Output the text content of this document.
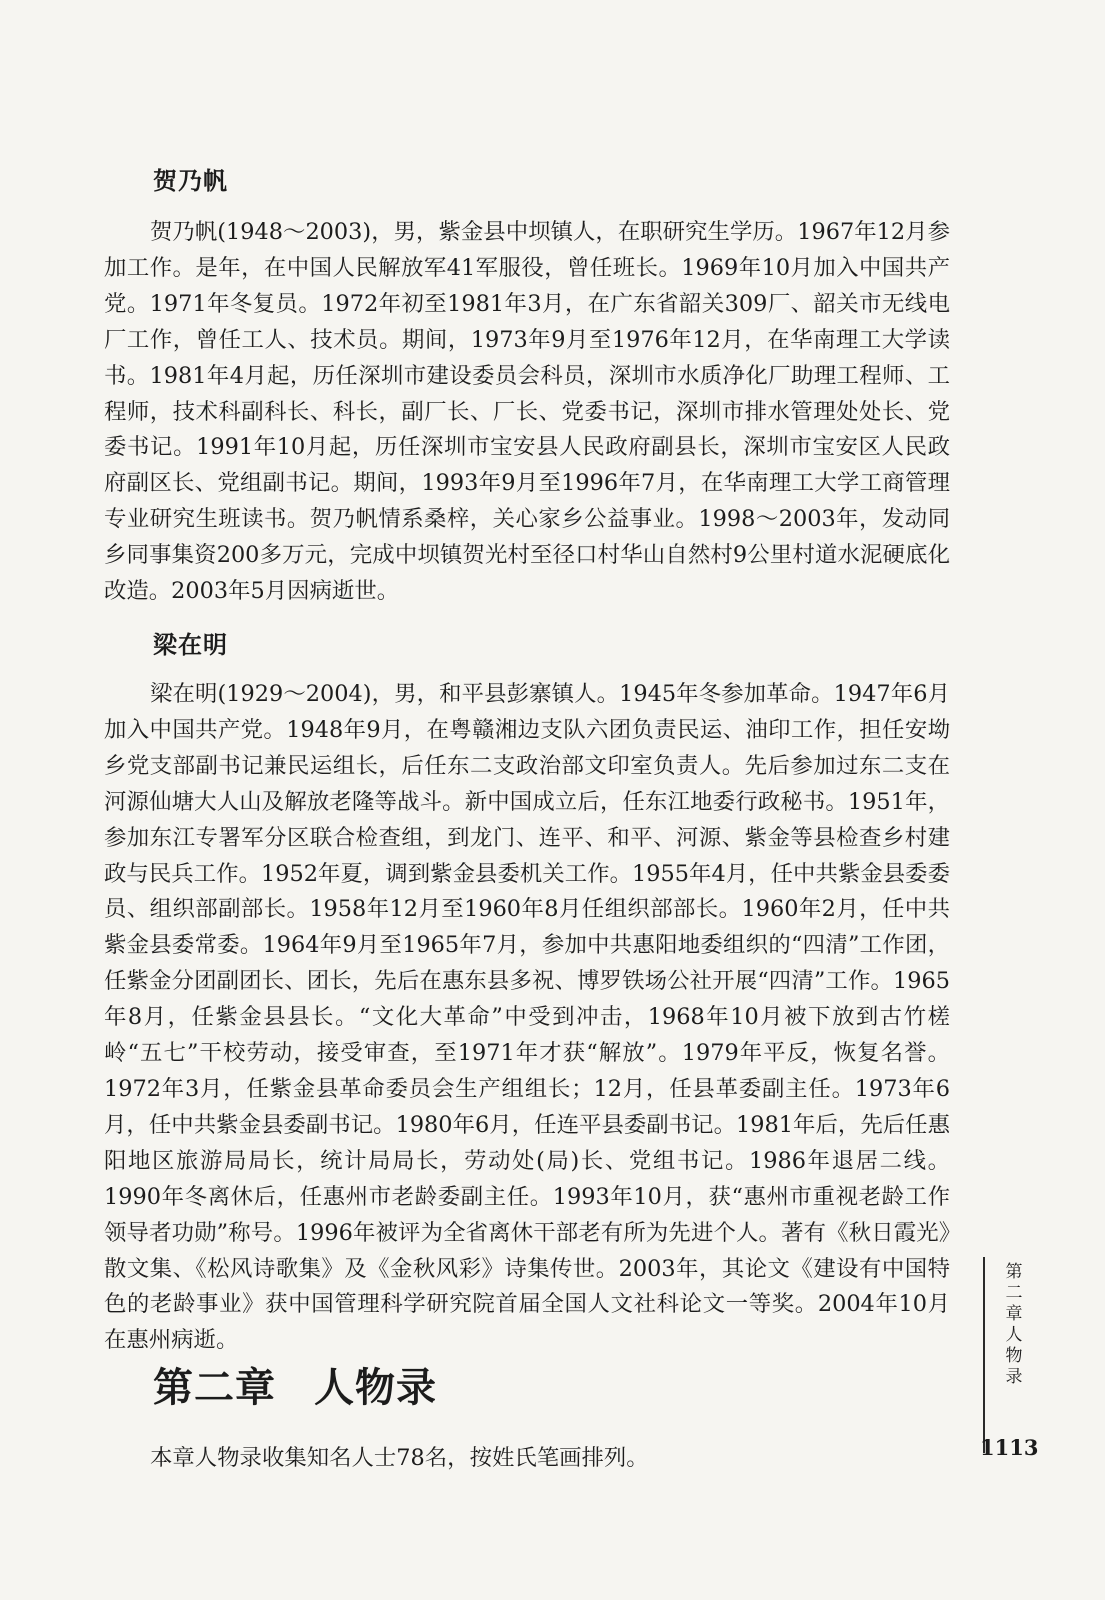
贺乃帆

贺乃帆(1948～2003)，男，紫金县中坝镇人，在职研究生学历。1967年12月参加工作。是年，在中国人民解放军41军服役，曾任班长。1969年10月加入中国共产党。1971年冬复员。1972年初至1981年3月，在广东省韶关309厂、韶关市无线电厂工作，曾任工人、技术员。期间，1973年9月至1976年12月，在华南理工大学读书。1981年4月起，历任深圳市建设委员会科员，深圳市水质净化厂助理工程师、工程师，技术科副科长、科长，副厂长、厂长、党委书记，深圳市排水管理处处长、党委书记。1991年10月起，历任深圳市宝安县人民政府副县长，深圳市宝安区人民政府副区长、党组副书记。期间，1993年9月至1996年7月，在华南理工大学工商管理专业研究生班读书。贺乃帆情系桑梓，关心家乡公益事业。1998～2003年，发动同乡同事集资200多万元，完成中坝镇贺光村至径口村华山自然村9公里村道水泥硬底化改造。2003年5月因病逝世。

梁在明

梁在明(1929～2004)，男，和平县彭寨镇人。1945年冬参加革命。1947年6月加入中国共产党。1948年9月，在粤赣湘边支队六团负责民运、油印工作，担任安坳乡党支部副书记兼民运组长，后任东二支政治部文印室负责人。先后参加过东二支在河源仙塘大人山及解放老隆等战斗。新中国成立后，任东江地委行政秘书。1951年，参加东江专署军分区联合检查组，到龙门、连平、和平、河源、紫金等县检查乡村建政与民兵工作。1952年夏，调到紫金县委机关工作。1955年4月，任中共紫金县委委员、组织部副部长。1958年12月至1960年8月任组织部部长。1960年2月，任中共紫金县委常委。1964年9月至1965年7月，参加中共惠阳地委组织的“四清”工作团，任紫金分团副团长、团长，先后在惠东县多祝、博罗铁场公社开展“四清”工作。1965年8月，任紫金县县长。“文化大革命”中受到冲击，1968年10月被下放到古竹槎岭“五七”干校劳动，接受审查，至1971年才获“解放”。1979年平反，恢复名誉。1972年3月，任紫金县革命委员会生产组组长；12月，任县革委副主任。1973年6月，任中共紫金县委副书记。1980年6月，任连平县委副书记。1981年后，先后任惠阳地区旅游局局长，统计局局长，劳动处(局)长、党组书记。1986年退居二线。1990年冬离休后，任惠州市老龄委副主任。1993年10月，获“惠州市重视老龄工作领导者功勋”称号。1996年被评为全省离休干部老有所为先进个人。著有《秋日霞光》散文集、《松风诗歌集》及《金秋风彩》诗集传世。2003年，其论文《建设有中国特色的老龄事业》获中国管理科学研究院首届全国人文社科论文一等奖。2004年10月在惠州病逝。

第二章 人物录

本章人物录收集知名人士78名，按姓氏笔画排列。

第二章
人物录
1113
